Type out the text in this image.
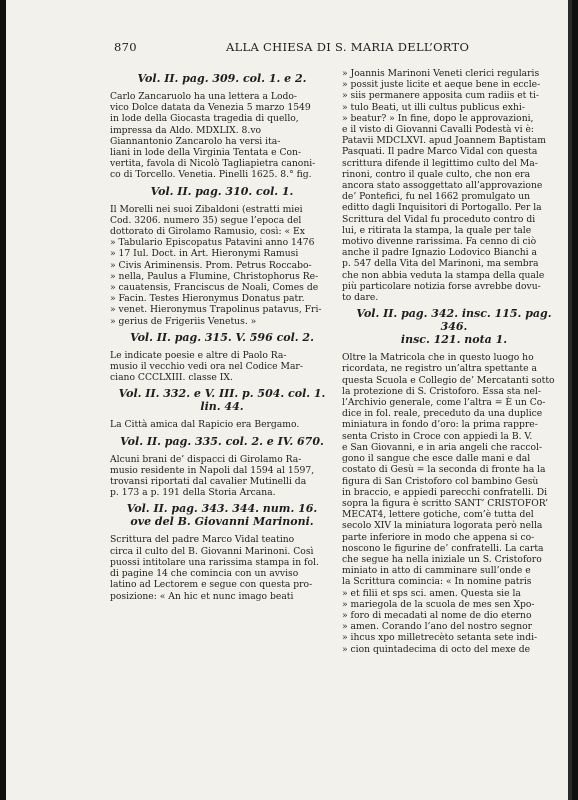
870	ALLA CHIESA DI S. MARIA DELL’ORTO
Vol. II. pag. 309. col. 1. e 2.

Carlo Zancaruolo ha una lettera a Lodo-
vico Dolce datata da Venezia 5 marzo 1549
in lode della Giocasta tragedia di quello,
impressa da Aldo. MDXLIX. 8.vo
Giannantonio Zancarolo ha versi ita-
liani in lode della Virginia Tentata e Con-
vertita, favola di Nicolò Tagliapietra canoni-
co di Torcello. Venetia. Pinelli 1625. 8.° fig.

Vol. II. pag. 310. col. 1.

Il Morelli nei suoi Zibaldoni (estratti miei
Cod. 3206. numero 35) segue l’epoca del
dottorato di Girolamo Ramusio, così: « Ex
» Tabulario Episcopatus Patavini anno 1476
» 17 Iul. Doct. in Art. Hieronymi Ramusi
» Civis Ariminensis. Prom. Petrus Roccabo-
» nella, Paulus a Flumine, Christophorus Re-
» cauatensis, Franciscus de Noali, Comes de
» Facin. Testes Hieronymus Donatus patr.
» venet. Hieronymus Trapolinus patavus, Fri-
» gerius de Frigeriis Venetus. »

Vol. II. pag. 315. V. 596 col. 2.

Le indicate poesie e altre di Paolo Ra-
musio il vecchio vedi ora nel Codice Mar-
ciano CCCLXIII. classe IX.

Vol. II. 332. e V. III. p. 504. col. 1. lin. 44.

La Città amica dal Rapicio era Bergamo.

Vol. II. pag. 335. col. 2. e IV. 670.

Alcuni brani de’ dispacci di Girolamo Ra-
musio residente in Napoli dal 1594 al 1597,
trovansi riportati dal cavalier Mutinelli da
p. 173 a p. 191 della Storia Arcana.

Vol. II. pag. 343. 344. num. 16.
ove del B. Giovanni Marinoni.

Scrittura del padre Marco Vidal teatino
circa il culto del B. Giovanni Marinoni. Così
puossi intitolare una rarissima stampa in fol.
di pagine 14 che comincia con un avviso
latino ad Lectorem e segue con questa pro-
posizione: « An hic et nunc imago beati

» Joannis Marinoni Veneti clerici regularis
» possit juste licite et aeque bene in eccle-
» siis permanere apposita cum radiis et ti-
» tulo Beati, ut illi cultus publicus exhi-
» beatur? » In fine, dopo le approvazioni,
e il visto di Giovanni Cavalli Podestà vi è:
Patavii MDCLXVI. apud Joannem Baptistam
Pasquati. Il padre Marco Vidal con questa
scrittura difende il legittimo culto del Ma-
rinoni, contro il quale culto, che non era
ancora stato assoggettato all’approvazione
de’ Pontefici, fu nel 1662 promulgato un
editto dagli Inquisitori di Portogallo. Per la
Scrittura del Vidal fu proceduto contro di
lui, e ritirata la stampa, la quale per tale
motivo divenne rarissima. Fa cenno di ciò
anche il padre Ignazio Lodovico Bianchi a
p. 547 della Vita del Marinoni, ma sembra
che non abbia veduta la stampa della quale
più particolare notizia forse avrebbe dovu-
to dare.

Vol. II. pag. 342. insc. 115. pag. 346.
insc. 121. nota 1.

Oltre la Matricola che in questo luogo ho
ricordata, ne registro un’altra spettante a
questa Scuola e Collegio de’ Mercatanti sotto
la protezione di S. Cristoforo. Essa sta nel-
l’Archivio generale, come l’altra = È un Co-
dice in fol. reale, preceduto da una duplice
miniatura in fondo d’oro: la prima rappre-
senta Cristo in Croce con appiedi la B. V.
e San Giovanni, e in aria angeli che raccol-
gono il sangue che esce dalle mani e dal
costato di Gesù = la seconda di fronte ha la
figura di San Cristoforo col bambino Gesù
in braccio, e appiedi parecchi confratelli. Di
sopra la figura è scritto SANT’ CRISTOFOR’
MECAT4, lettere gotiche, com’è tutta del
secolo XIV la miniatura logorata però nella
parte inferiore in modo che appena si co-
noscono le figurine de’ confratelli. La carta
che segue ha nella iniziale un S. Cristoforo
miniato in atto di camminare sull’onde e
la Scrittura comincia: « In nomine patris
» et filii et sps sci. amen. Questa sie la
» mariegola de la scuola de mes sen Xpo-
» foro di mecadati al nome de dio eterno
» amen. Corando l’ano del nostro segnor
» ihcus xpo milletrecèto setanta sete indi-
» cion quintadecima di octo del mexe de
